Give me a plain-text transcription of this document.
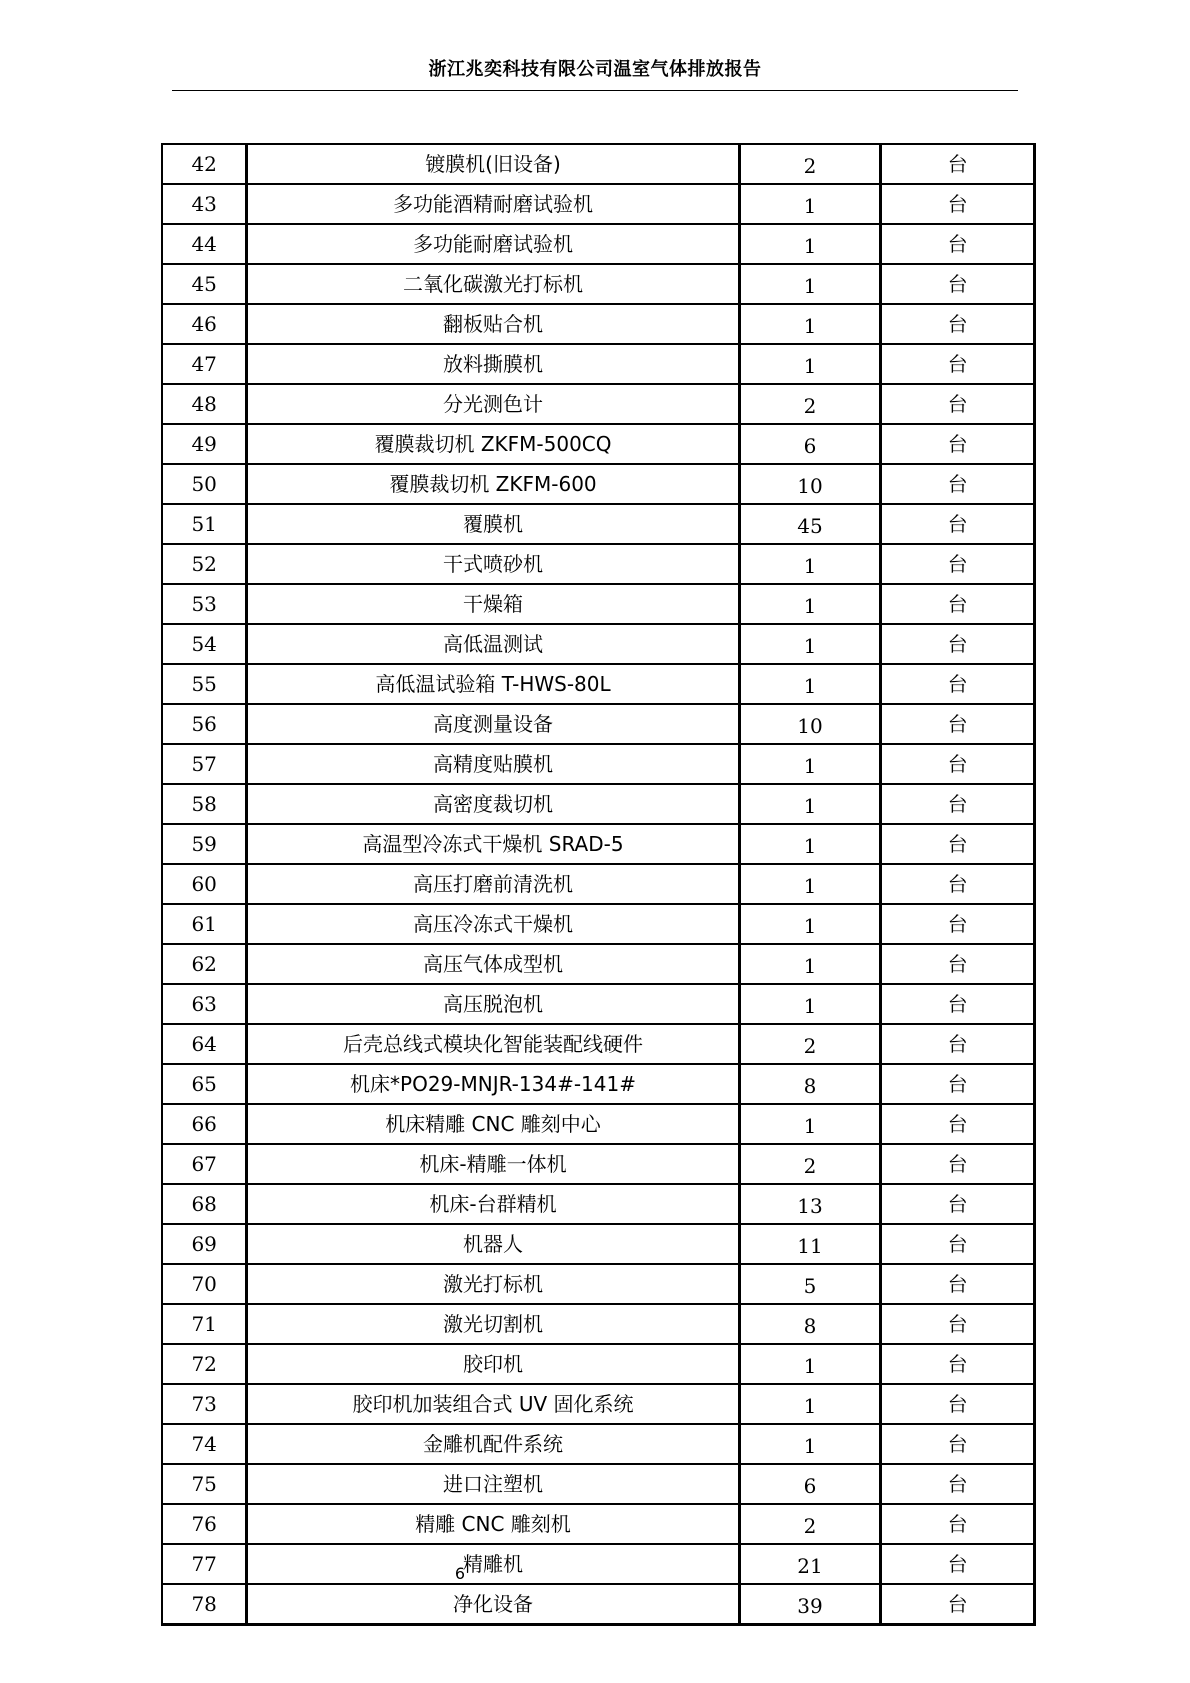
浙江兆奕科技有限公司温室气体排放报告
42	镀膜机(旧设备)	2	台
43	多功能酒精耐磨试验机	1	台
44	多功能耐磨试验机	1	台
45	二氧化碳激光打标机	1	台
46	翻板贴合机	1	台
47	放料撕膜机	1	台
48	分光测色计	2	台
49	覆膜裁切机 ZKFM-500CQ	6	台
50	覆膜裁切机 ZKFM-600	10	台
51	覆膜机	45	台
52	干式喷砂机	1	台
53	干燥箱	1	台
54	高低温测试	1	台
55	高低温试验箱 T-HWS-80L	1	台
56	高度测量设备	10	台
57	高精度贴膜机	1	台
58	高密度裁切机	1	台
59	高温型冷冻式干燥机 SRAD-5	1	台
60	高压打磨前清洗机	1	台
61	高压冷冻式干燥机	1	台
62	高压气体成型机	1	台
63	高压脱泡机	1	台
64	后壳总线式模块化智能装配线硬件	2	台
65	机床*PO29-MNJR-134#-141#	8	台
66	机床精雕 CNC 雕刻中心	1	台
67	机床-精雕一体机	2	台
68	机床-台群精机	13	台
69	机器人	11	台
70	激光打标机	5	台
71	激光切割机	8	台
72	胶印机	1	台
73	胶印机加装组合式 UV 固化系统	1	台
74	金雕机配件系统	1	台
75	进口注塑机	6	台
76	精雕 CNC 雕刻机	2	台
77	精雕机	21	台
78	净化设备	39	台
6
